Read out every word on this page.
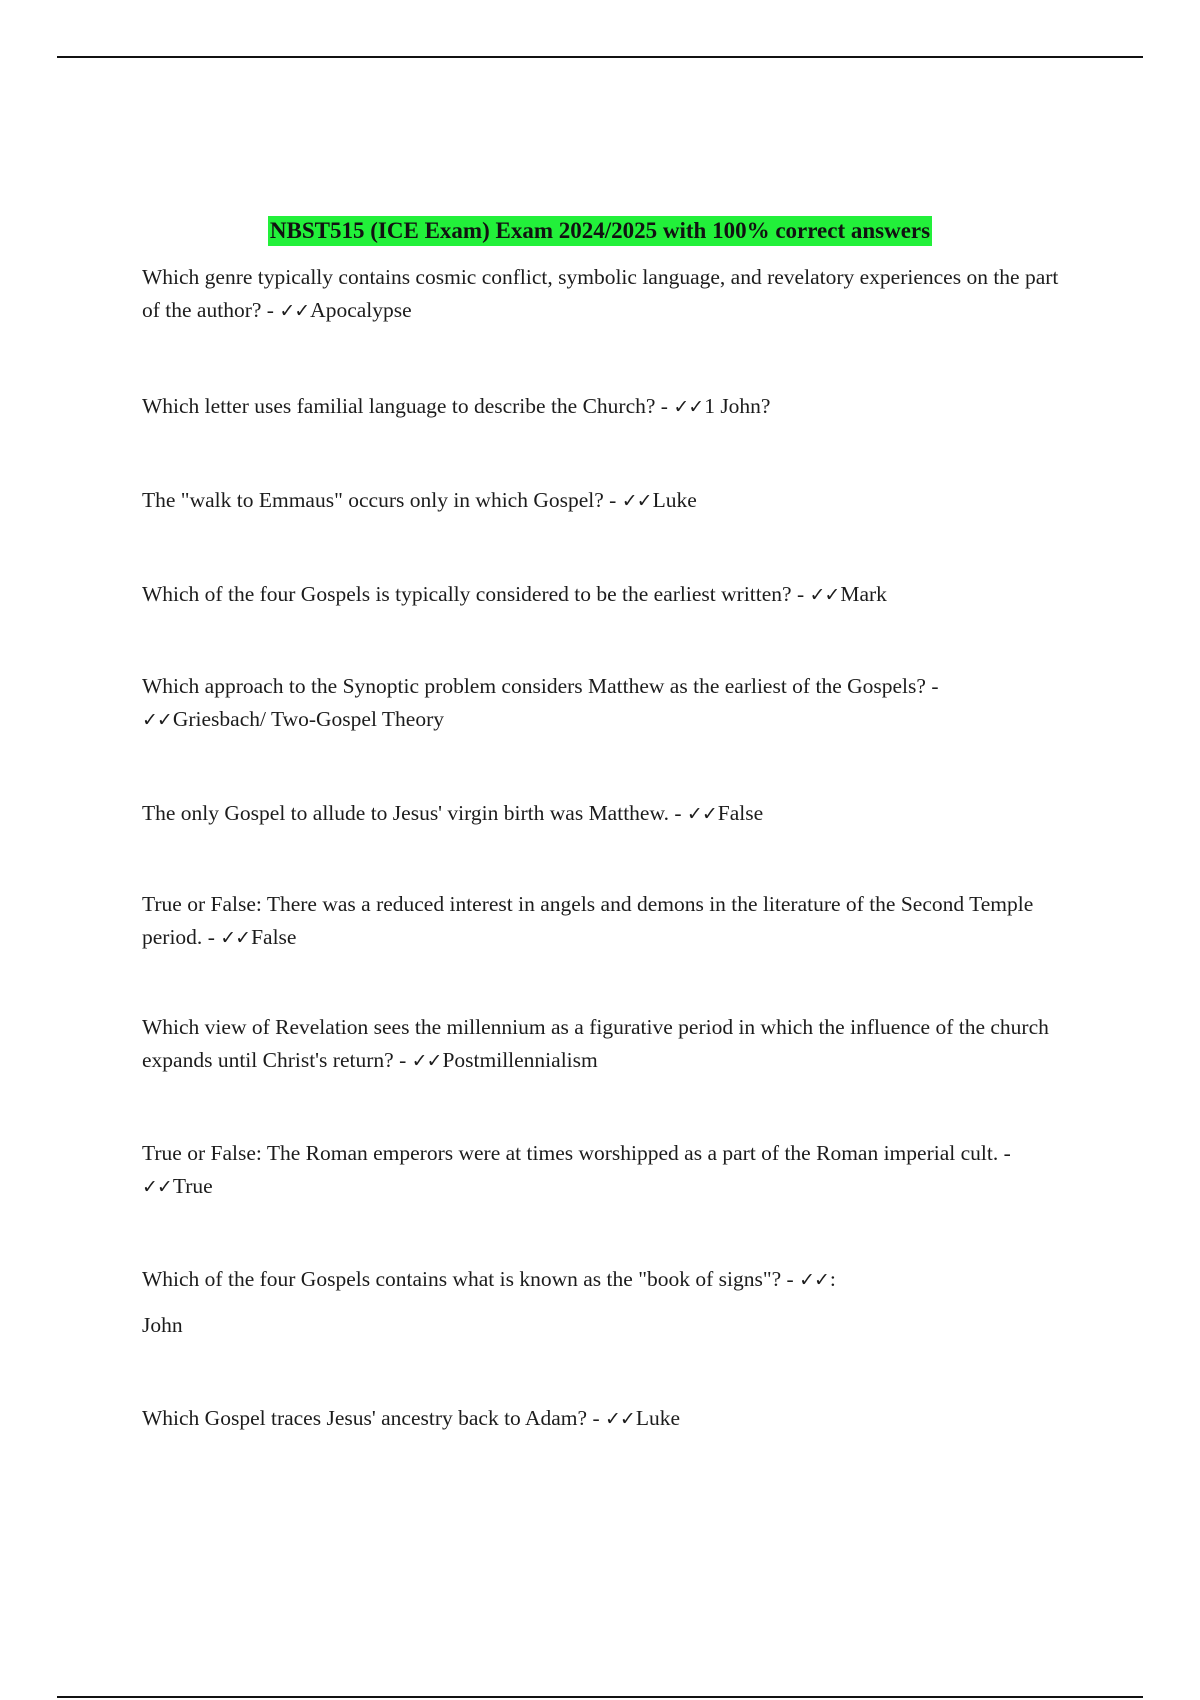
NBST515 (ICE Exam) Exam 2024/2025 with 100% correct answers
Which genre typically contains cosmic conflict, symbolic language, and revelatory experiences on the part of the author? - ✓✓Apocalypse
Which letter uses familial language to describe the Church? - ✓✓1 John?
The "walk to Emmaus" occurs only in which Gospel? - ✓✓Luke
Which of the four Gospels is typically considered to be the earliest written? - ✓✓Mark
Which approach to the Synoptic problem considers Matthew as the earliest of the Gospels? - ✓✓Griesbach/ Two-Gospel Theory
The only Gospel to allude to Jesus' virgin birth was Matthew. - ✓✓False
True or False: There was a reduced interest in angels and demons in the literature of the Second Temple period. - ✓✓False
Which view of Revelation sees the millennium as a figurative period in which the influence of the church expands until Christ's return? - ✓✓Postmillennialism
True or False: The Roman emperors were at times worshipped as a part of the Roman imperial cult. - ✓✓True
Which of the four Gospels contains what is known as the "book of signs"? - ✓✓:
John
Which Gospel traces Jesus' ancestry back to Adam? - ✓✓Luke
